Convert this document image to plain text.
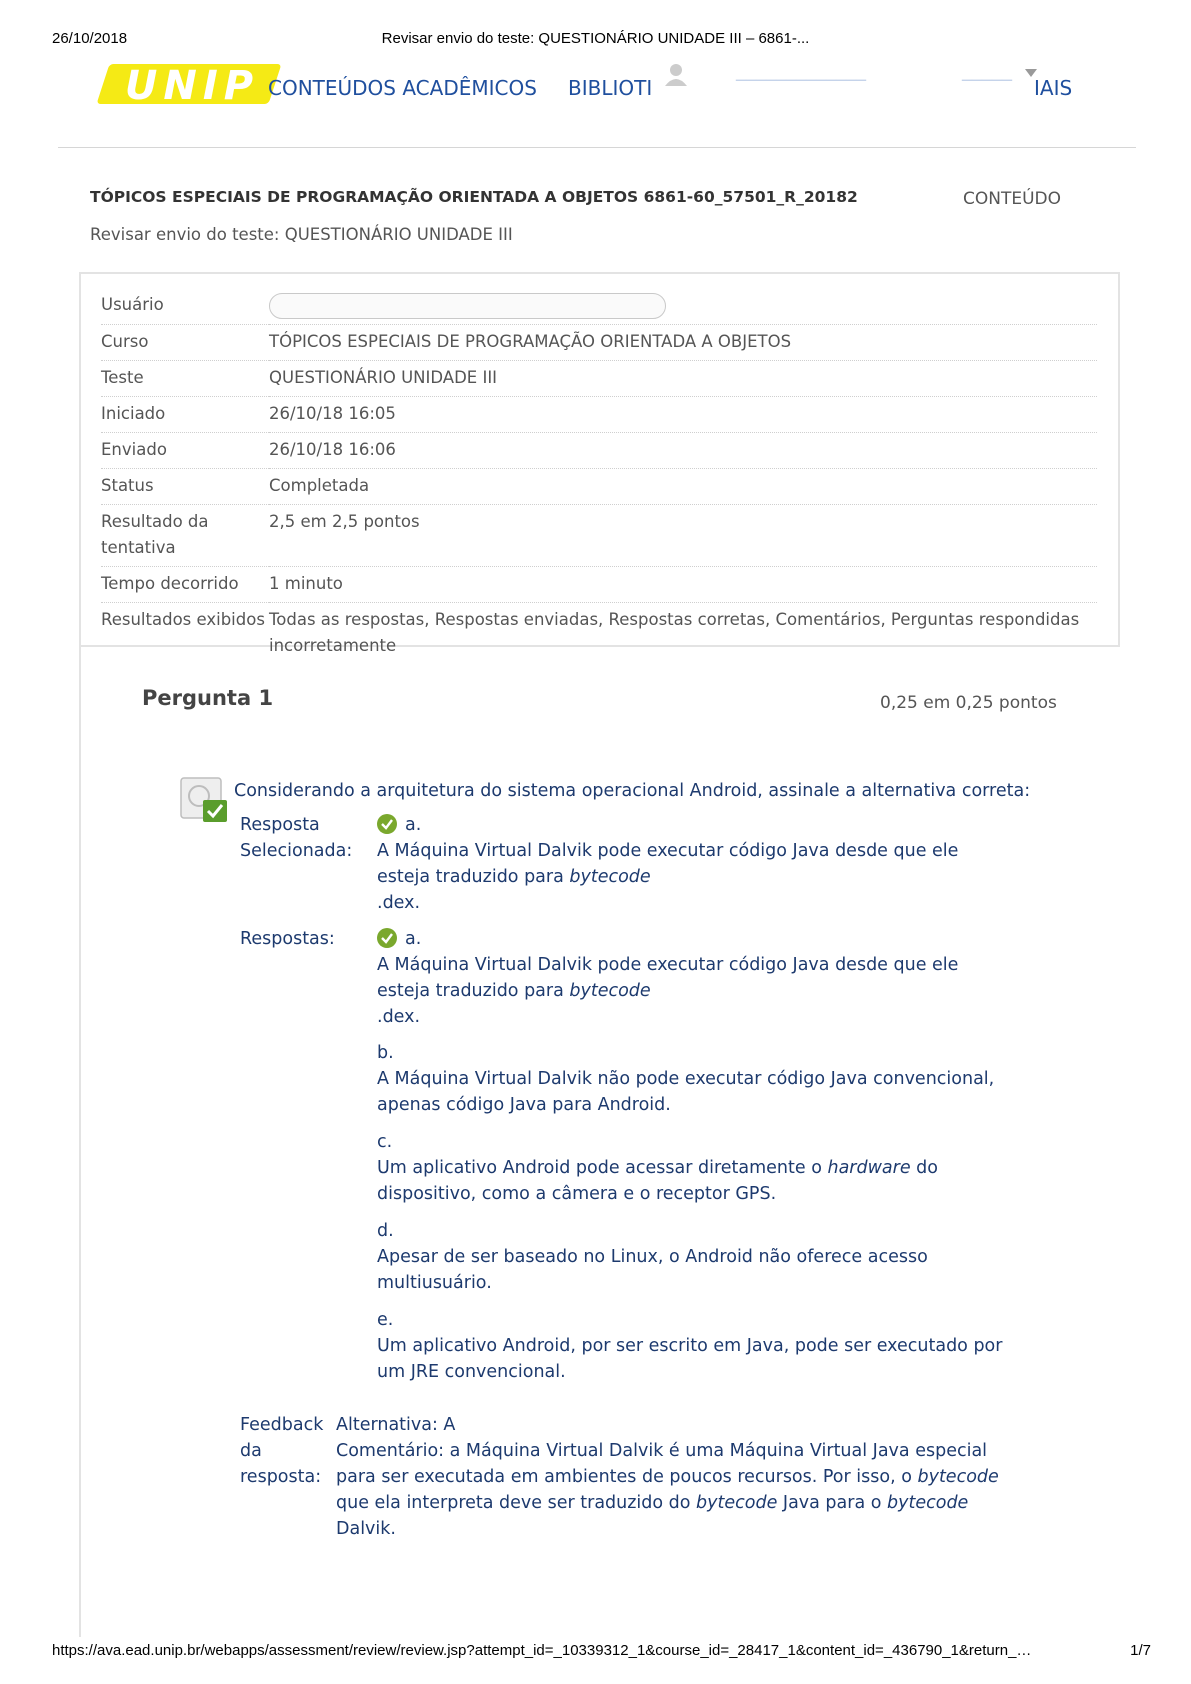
26/10/2018	Revisar envio do teste: QUESTIONÁRIO UNIDADE III – 6861-...
UNIP CONTEÚDOS ACADÊMICOS BIBLIOTI	‾‾‾‾‾‾‾‾‾‾‾‾‾	‾‾‾‾‾ IAIS
TÓPICOS ESPECIAIS DE PROGRAMAÇÃO ORIENTADA A OBJETOS 6861-60_57501_R_20182	CONTEÚDO
Revisar envio do teste: QUESTIONÁRIO UNIDADE III
Usuário	
Curso	TÓPICOS ESPECIAIS DE PROGRAMAÇÃO ORIENTADA A OBJETOS
Teste	QUESTIONÁRIO UNIDADE III
Iniciado	26/10/18 16:05
Enviado	26/10/18 16:06
Status	Completada
Resultado da tentativa	2,5 em 2,5 pontos
Tempo decorrido	1 minuto
Resultados exibidos	Todas as respostas, Respostas enviadas, Respostas corretas, Comentários, Perguntas respondidas incorretamente
Pergunta 1	0,25 em 0,25 pontos
Considerando a arquitetura do sistema operacional Android, assinale a alternativa correta:
Resposta Selecionada:
a.
A Máquina Virtual Dalvik pode executar código Java desde que ele esteja traduzido para bytecode
.dex.
Respostas:	a.
A Máquina Virtual Dalvik pode executar código Java desde que ele esteja traduzido para bytecode
.dex.
b.
A Máquina Virtual Dalvik não pode executar código Java convencional, apenas código Java para Android.
c.
Um aplicativo Android pode acessar diretamente o hardware do dispositivo, como a câmera e o receptor GPS.
d.
Apesar de ser baseado no Linux, o Android não oferece acesso multiusuário.
e.
Um aplicativo Android, por ser escrito em Java, pode ser executado por um JRE convencional.
Feedback da resposta:
Alternativa: A
Comentário: a Máquina Virtual Dalvik é uma Máquina Virtual Java especial para ser executada em ambientes de poucos recursos. Por isso, o bytecode que ela interpreta deve ser traduzido do bytecode Java para o bytecode Dalvik.
https://ava.ead.unip.br/webapps/assessment/review/review.jsp?attempt_id=_10339312_1&course_id=_28417_1&content_id=_436790_1&return_…	1/7
